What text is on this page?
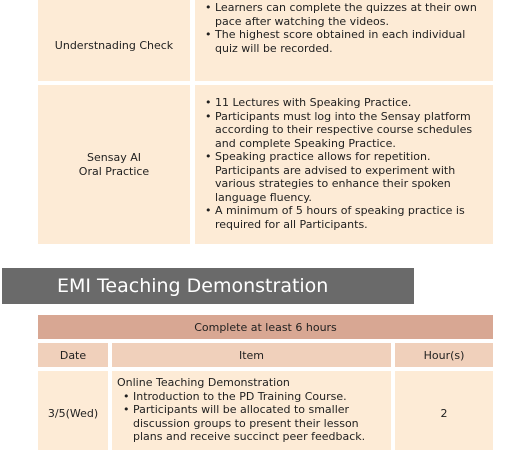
Understnading Check
• Learners can complete the quizzes at their own pace after watching the videos.
• The highest score obtained in each individual quiz will be recorded.
Sensay AI
Oral Practice
• 11 Lectures with Speaking Practice.
• Participants must log into the Sensay platform according to their respective course schedules and complete Speaking Practice.
• Speaking practice allows for repetition. Participants are advised to experiment with various strategies to enhance their spoken language fluency.
• A minimum of 5 hours of speaking practice is required for all Participants.
EMI Teaching Demonstration
Complete at least 6 hours
Date	Item	Hour(s)
3/5(Wed)
Online Teaching Demonstration
• Introduction to the PD Training Course.
• Participants will be allocated to smaller discussion groups to present their lesson plans and receive succinct peer feedback.
2
